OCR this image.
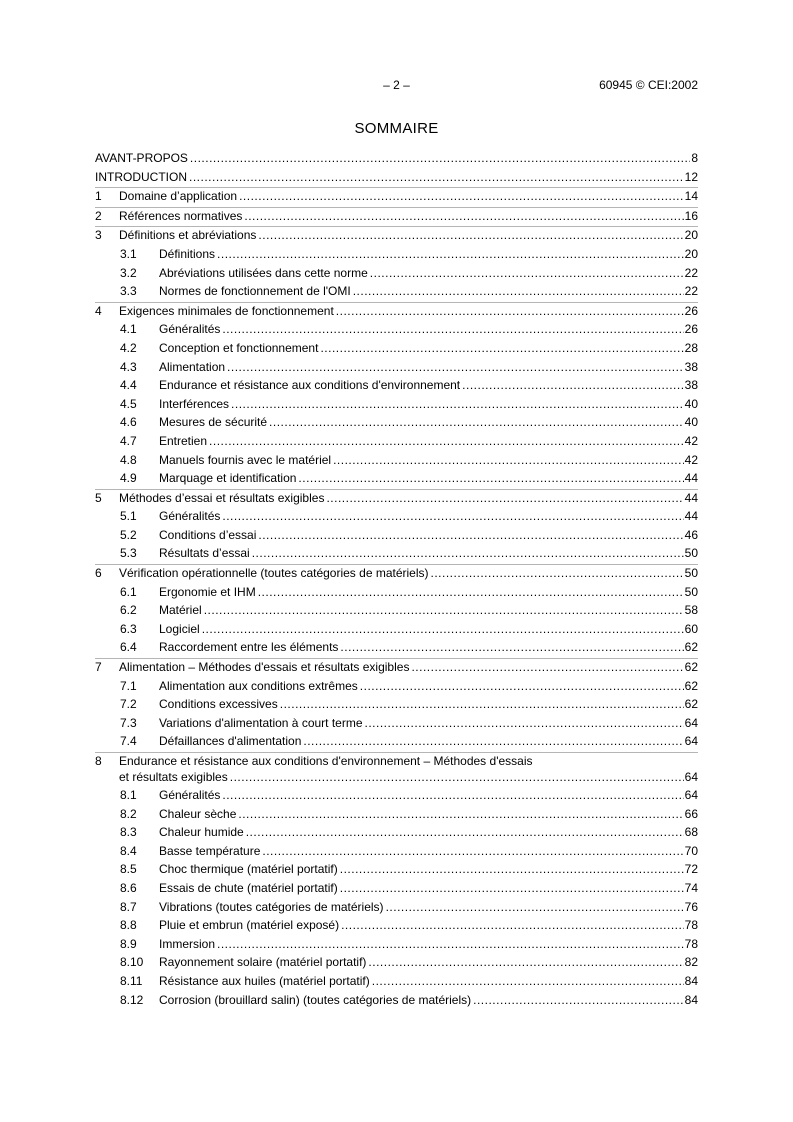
– 2 –	60945 © CEI:2002
SOMMAIRE
AVANT-PROPOS .....	8
INTRODUCTION .....	12
1 Domaine d’application .....	14
2 Références normatives .....	16
3 Définitions et abréviations .....	20
3.1 Définitions .....	20
3.2 Abréviations utilisées dans cette norme .....	22
3.3 Normes de fonctionnement de l'OMI .....	22
4 Exigences minimales de fonctionnement .....	26
4.1 Généralités .....	26
4.2 Conception et fonctionnement .....	28
4.3 Alimentation .....	38
4.4 Endurance et résistance aux conditions d'environnement .....	38
4.5 Interférences .....	40
4.6 Mesures de sécurité .....	40
4.7 Entretien .....	42
4.8 Manuels fournis avec le matériel .....	42
4.9 Marquage et identification .....	44
5 Méthodes d’essai et résultats exigibles .....	44
5.1 Généralités .....	44
5.2 Conditions d’essai .....	46
5.3 Résultats d’essai .....	50
6 Vérification opérationnelle (toutes catégories de matériels) .....	50
6.1 Ergonomie et IHM .....	50
6.2 Matériel .....	58
6.3 Logiciel .....	60
6.4 Raccordement entre les éléments .....	62
7 Alimentation – Méthodes d'essais et résultats exigibles .....	62
7.1 Alimentation aux conditions extrêmes .....	62
7.2 Conditions excessives .....	62
7.3 Variations d'alimentation à court terme .....	64
7.4 Défaillances d'alimentation .....	64
8 Endurance et résistance aux conditions d'environnement – Méthodes d'essais
et résultats exigibles .....	64
8.1 Généralités .....	64
8.2 Chaleur sèche .....	66
8.3 Chaleur humide .....	68
8.4 Basse température .....	70
8.5 Choc thermique (matériel portatif) .....	72
8.6 Essais de chute (matériel portatif) .....	74
8.7 Vibrations (toutes catégories de matériels) .....	76
8.8 Pluie et embrun (matériel exposé) .....	78
8.9 Immersion .....	78
8.10 Rayonnement solaire (matériel portatif) .....	82
8.11 Résistance aux huiles (matériel portatif) .....	84
8.12 Corrosion (brouillard salin) (toutes catégories de matériels) .....	84
